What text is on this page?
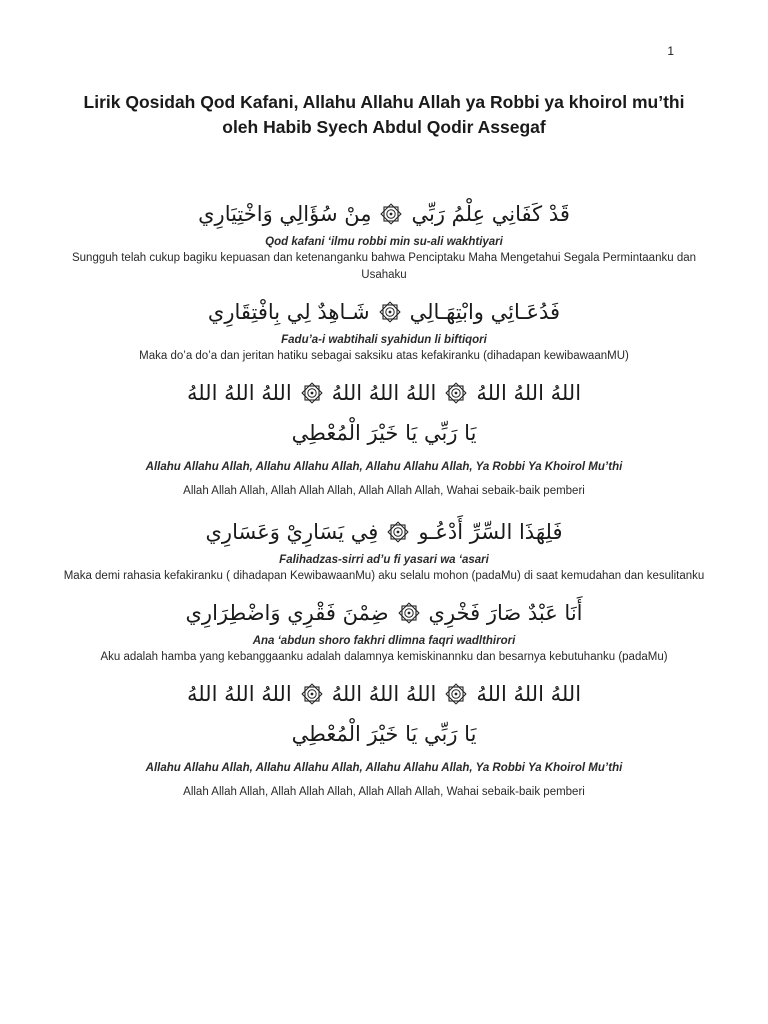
1
Lirik Qosidah Qod Kafani, Allahu Allahu Allah ya Robbi ya khoirol mu’thi oleh Habib Syech Abdul Qodir Assegaf
قَدْ كَفَانِي عِلْمُ رَبِّي
مِنْ سُؤَالِي وَاخْتِيَارِي
Qod kafani ‘ilmu robbi min su-ali wakhtiyari
Sungguh telah cukup bagiku kepuasan dan ketenanganku bahwa Penciptaku Maha Mengetahui Segala Permintaanku dan Usahaku
فَدُعَـائِي وابْتِهَـالِي
شَـاهِدٌ لِي بِافْتِقَارِي
Fadu’a-i wabtihali syahidun li biftiqori
Maka do’a do’a dan jeritan hatiku sebagai saksiku atas kefakiranku (dihadapan kewibawaanMU)
اللهُ اللهُ اللهُ
اللهُ اللهُ اللهُ
اللهُ اللهُ اللهُ
يَا رَبِّي يَا خَيْرَ الْمُعْطِي
Allahu Allahu Allah, Allahu Allahu Allah, Allahu Allahu Allah, Ya Robbi Ya Khoirol Mu’thi
Allah Allah Allah, Allah Allah Allah, Allah Allah Allah, Wahai sebaik-baik pemberi
فَلِهَذَا السِّرِّ أَدْعُـو
فِي يَسَارِيْ وَعَسَارِي
Falihadzas-sirri ad’u fi yasari wa ‘asari
Maka demi rahasia kefakiranku ( dihadapan KewibawaanMu) aku selalu mohon (padaMu) di saat kemudahan dan kesulitanku
أَنَا عَبْدٌ صَارَ فَخْرِي
ضِمْنَ فَقْرِي وَاضْطِرَارِي
Ana ‘abdun shoro fakhri dlimna faqri wadlthirori
Aku adalah hamba yang kebanggaanku adalah dalamnya kemiskinannku dan besarnya kebutuhanku (padaMu)
اللهُ اللهُ اللهُ
اللهُ اللهُ اللهُ
اللهُ اللهُ اللهُ
يَا رَبِّي يَا خَيْرَ الْمُعْطِي
Allahu Allahu Allah, Allahu Allahu Allah, Allahu Allahu Allah, Ya Robbi Ya Khoirol Mu’thi
Allah Allah Allah, Allah Allah Allah, Allah Allah Allah, Wahai sebaik-baik pemberi
